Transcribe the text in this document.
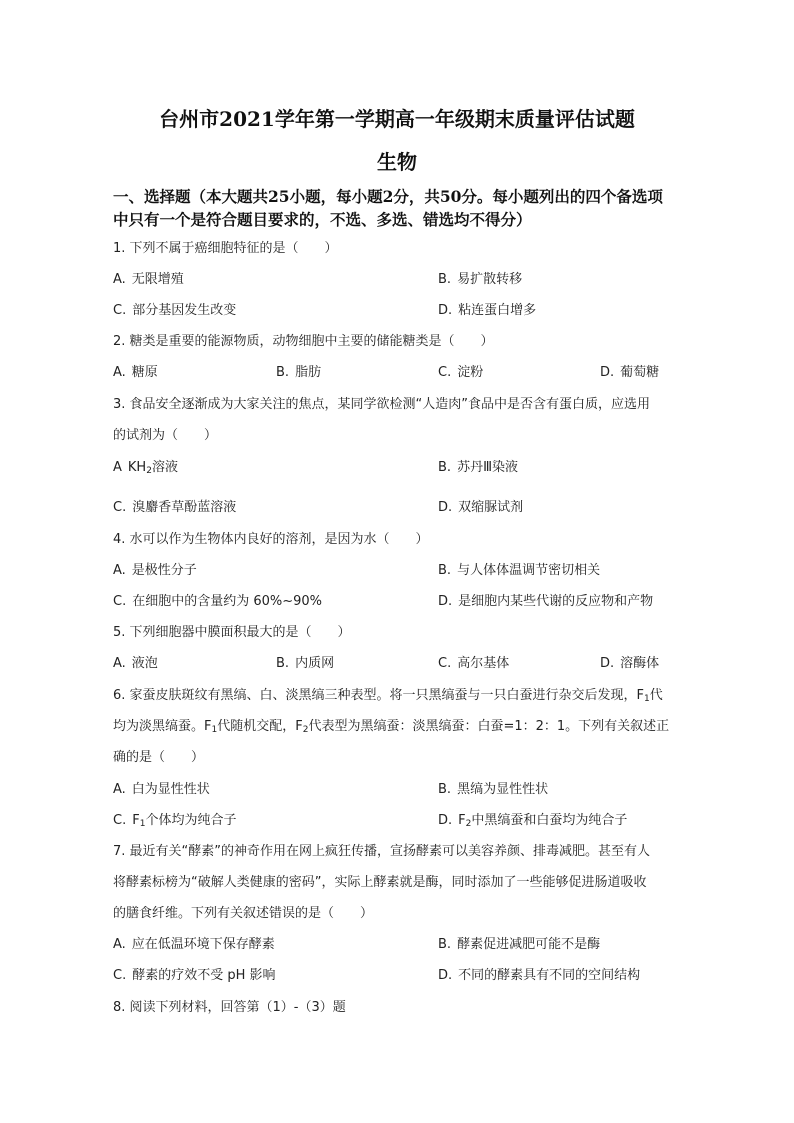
台州市2021学年第一学期高一年级期末质量评估试题
生物
一、选择题（本大题共25小题，每小题2分，共50分。每小题列出的四个备选项
中只有一个是符合题目要求的，不选、多选、错选均不得分）
1. 下列不属于癌细胞特征的是（　　）
A. 无限增殖	B. 易扩散转移
C. 部分基因发生改变	D. 粘连蛋白增多
2. 糖类是重要的能源物质，动物细胞中主要的储能糖类是（　　）
A. 糖原	B. 脂肪	C. 淀粉	D. 葡萄糖
3. 食品安全逐渐成为大家关注的焦点，某同学欲检测“人造肉”食品中是否含有蛋白质，应选用
的试剂为（　　）
A $KH_2$溶液	B. 苏丹Ⅲ染液
C. 溴麝香草酚蓝溶液	D. 双缩脲试剂
4. 水可以作为生物体内良好的溶剂，是因为水（　　）
A. 是极性分子	B. 与人体体温调节密切相关
C. 在细胞中的含量约为 60%~90%	D. 是细胞内某些代谢的反应物和产物
5. 下列细胞器中膜面积最大的是（　　）
A. 液泡	B. 内质网	C. 高尔基体	D. 溶酶体
6. 家蚕皮肤斑纹有黑缟、白、淡黑缟三种表型。将一只黑缟蚕与一只白蚕进行杂交后发现，$F_1$代
均为淡黑缟蚕。$F_1$代随机交配，$F_2$代表型为黑缟蚕：淡黑缟蚕：白蚕=1：2：1。下列有关叙述正
确的是（　　）
A. 白为显性性状	B. 黑缟为显性性状
C. $F_1$个体均为纯合子	D. $F_2$中黑缟蚕和白蚕均为纯合子
7. 最近有关“酵素”的神奇作用在网上疯狂传播，宣扬酵素可以美容养颜、排毒减肥。甚至有人
将酵素标榜为“破解人类健康的密码”，实际上酵素就是酶，同时添加了一些能够促进肠道吸收
的膳食纤维。下列有关叙述错误的是（　　）
A. 应在低温环境下保存酵素	B. 酵素促进减肥可能不是酶
C. 酵素的疗效不受 pH 影响	D. 不同的酵素具有不同的空间结构
8. 阅读下列材料，回答第（1）-（3）题
